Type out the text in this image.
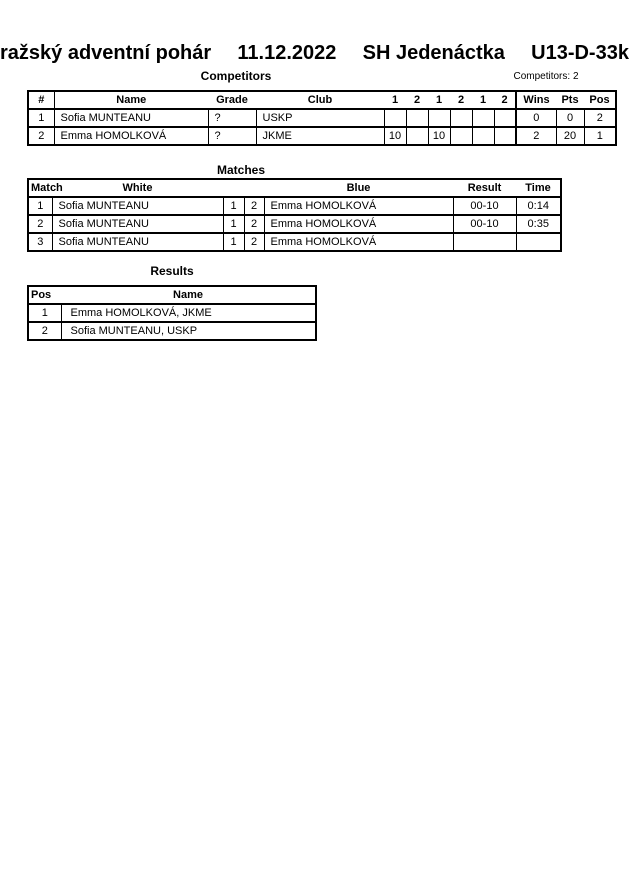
ražský adventní pohár 11.12.2022 SH Jedenáctka U13-D-33k
Competitors	Competitors: 2
#	Name	Grade	Club	1	2	1	2	1	2	Wins	Pts	Pos
1	Sofia MUNTEANU	?	USKP							0	0	2
2	Emma HOMOLKOVÁ	?	JKME	10		10				2	20	1
Matches
Match	White			Blue	Result	Time
1	Sofia MUNTEANU	1	2	Emma HOMOLKOVÁ	00-10	0:14
2	Sofia MUNTEANU	1	2	Emma HOMOLKOVÁ	00-10	0:35
3	Sofia MUNTEANU	1	2	Emma HOMOLKOVÁ		
Results
Pos	Name
1	Emma HOMOLKOVÁ, JKME
2	Sofia MUNTEANU, USKP
